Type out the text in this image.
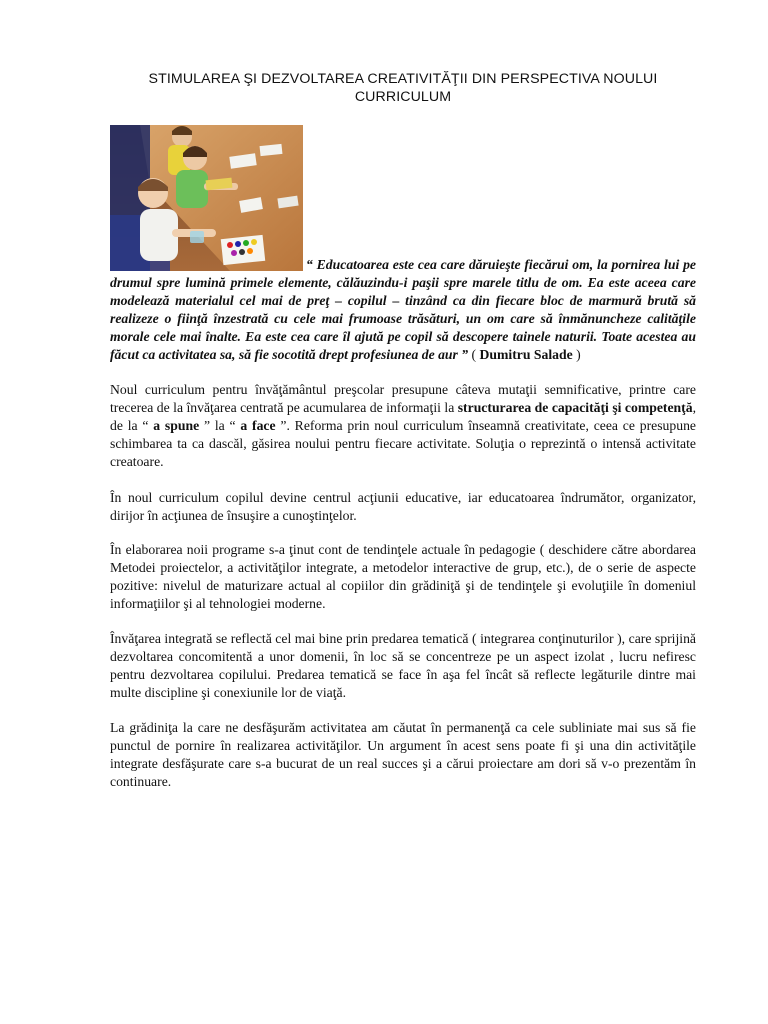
STIMULAREA ŞI DEZVOLTAREA CREATIVITĂŢII DIN PERSPECTIVA NOULUI CURRICULUM
“ Educatoarea este cea care dăruieşte fiecărui om, la pornirea lui pe drumul spre lumină primele elemente, călăuzindu-i paşii spre marele titlu de om. Ea este aceea care modelează materialul cel mai de preţ – copilul – tinzând ca din fiecare bloc de marmură brută să realizeze o fiinţă înzestrată cu cele mai frumoase trăsături, un om care să înmănuncheze calităţile morale cele mai înalte. Ea este cea care îl ajută pe copil să descopere tainele naturii. Toate acestea au făcut ca activitatea sa, să fie socotită drept profesiunea de aur ” ( Dumitru Salade )
Noul curriculum pentru învăţământul preşcolar presupune câteva mutaţii semnificative, printre care trecerea de la învăţarea centrată pe acumularea de informaţii la structurarea de capacităţi şi competenţă, de la “ a spune ” la “ a face ”. Reforma prin noul curriculum înseamnă creativitate, ceea ce presupune schimbarea ta ca dascăl, găsirea noului pentru fiecare activitate. Soluţia o reprezintă o intensă activitate creatoare.
În noul curriculum copilul devine centrul acţiunii educative, iar educatoarea îndrumător, organizator, dirijor în acţiunea de însuşire a cunoştinţelor.
În elaborarea noii programe s-a ţinut cont de tendinţele actuale în pedagogie ( deschidere către abordarea Metodei proiectelor, a activităţilor integrate, a metodelor interactive de grup, etc.), de o serie de aspecte pozitive: nivelul de maturizare actual al copiilor din grădiniţă şi de tendinţele şi evoluţiile în domeniul informaţiilor şi al tehnologiei moderne.
Învăţarea integrată se reflectă cel mai bine prin predarea tematică ( integrarea conţinuturilor ), care sprijină dezvoltarea concomitentă a unor domenii, în loc să se concentreze pe un aspect izolat , lucru nefiresc pentru dezvoltarea copilului. Predarea tematică se face în aşa fel încât să reflecte legăturile dintre mai multe discipline şi conexiunile lor de viaţă.
La grădiniţa la care ne desfăşurăm activitatea am căutat în permanenţă ca cele subliniate mai sus să fie punctul de pornire în realizarea activităţilor. Un argument în acest sens poate fi şi una din activităţile integrate desfăşurate care s-a bucurat de un real succes şi a cărui proiectare am dori să v-o prezentăm în continuare.
